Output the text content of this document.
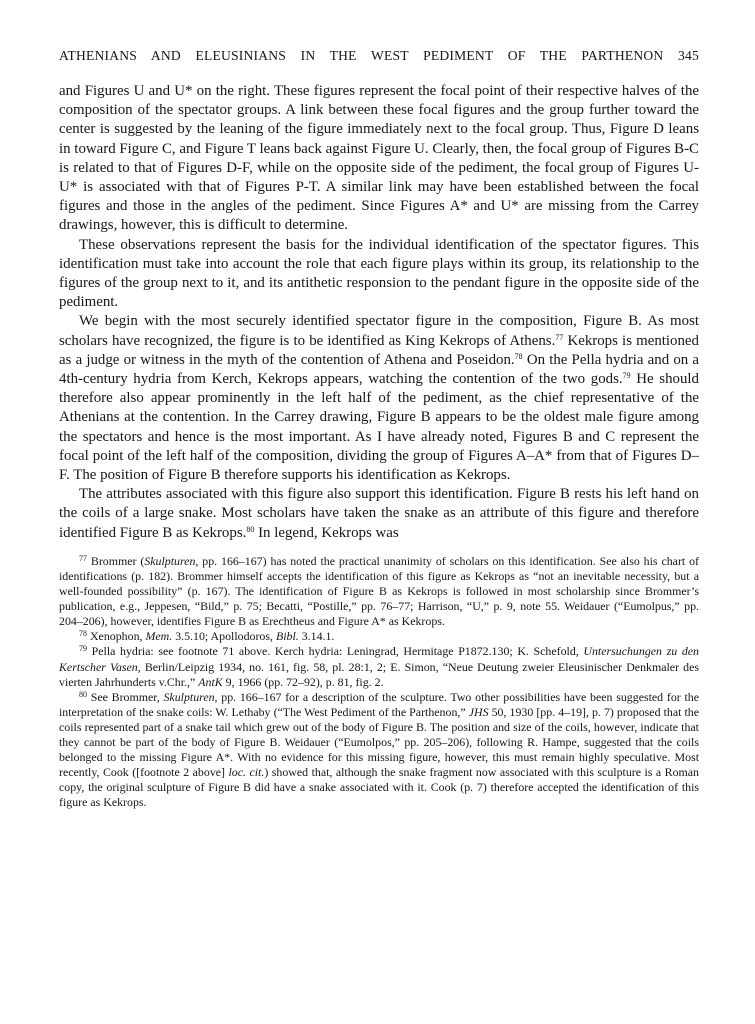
ATHENIANS AND ELEUSINIANS IN THE WEST PEDIMENT OF THE PARTHENON 345

and Figures U and U* on the right. These figures represent the focal point of their respective halves of the composition of the spectator groups. A link between these focal figures and the group further toward the center is suggested by the leaning of the figure immediately next to the focal group. Thus, Figure D leans in toward Figure C, and Figure T leans back against Figure U. Clearly, then, the focal group of Figures B-C is related to that of Figures D-F, while on the opposite side of the pediment, the focal group of Figures U-U* is associated with that of Figures P-T. A similar link may have been established between the focal figures and those in the angles of the pediment. Since Figures A* and U* are missing from the Carrey drawings, however, this is difficult to determine.

These observations represent the basis for the individual identification of the spectator figures. This identification must take into account the role that each figure plays within its group, its relationship to the figures of the group next to it, and its antithetic responsion to the pendant figure in the opposite side of the pediment.

We begin with the most securely identified spectator figure in the composition, Figure B. As most scholars have recognized, the figure is to be identified as King Kekrops of Athens.$^{77}$ Kekrops is mentioned as a judge or witness in the myth of the contention of Athena and Poseidon.$^{78}$ On the Pella hydria and on a 4th-century hydria from Kerch, Kekrops appears, watching the contention of the two gods.$^{79}$ He should therefore also appear prominently in the left half of the pediment, as the chief representative of the Athenians at the contention. In the Carrey drawing, Figure B appears to be the oldest male figure among the spectators and hence is the most important. As I have already noted, Figures B and C represent the focal point of the left half of the composition, dividing the group of Figures A–A* from that of Figures D–F. The position of Figure B therefore supports his identification as Kekrops.

The attributes associated with this figure also support this identification. Figure B rests his left hand on the coils of a large snake. Most scholars have taken the snake as an attribute of this figure and therefore identified Figure B as Kekrops.$^{80}$ In legend, Kekrops was

$^{77}$ Brommer (Skulpturen, pp. 166–167) has noted the practical unanimity of scholars on this identification. See also his chart of identifications (p. 182). Brommer himself accepts the identification of this figure as Kekrops as “not an inevitable necessity, but a well-founded possibility” (p. 167). The identification of Figure B as Kekrops is followed in most scholarship since Brommer’s publication, e.g., Jeppesen, “Bild,” p. 75; Becatti, “Postille,” pp. 76–77; Harrison, “U,” p. 9, note 55. Weidauer (“Eumolpus,” pp. 204–206), however, identifies Figure B as Erechtheus and Figure A* as Kekrops.

$^{78}$ Xenophon, Mem. 3.5.10; Apollodoros, Bibl. 3.14.1.

$^{79}$ Pella hydria: see footnote 71 above. Kerch hydria: Leningrad, Hermitage P1872.130; K. Schefold, Untersuchungen zu den Kertscher Vasen, Berlin/Leipzig 1934, no. 161, fig. 58, pl. 28:1, 2; E. Simon, “Neue Deutung zweier Eleusinischer Denkmaler des vierten Jahrhunderts v.Chr.,” AntK 9, 1966 (pp. 72–92), p. 81, fig. 2.

$^{80}$ See Brommer, Skulpturen, pp. 166–167 for a description of the sculpture. Two other possibilities have been suggested for the interpretation of the snake coils: W. Lethaby (“The West Pediment of the Parthenon,” JHS 50, 1930 [pp. 4–19], p. 7) proposed that the coils represented part of a snake tail which grew out of the body of Figure B. The position and size of the coils, however, indicate that they cannot be part of the body of Figure B. Weidauer (“Eumolpos,” pp. 205–206), following R. Hampe, suggested that the coils belonged to the missing Figure A*. With no evidence for this missing figure, however, this must remain highly speculative. Most recently, Cook ([footnote 2 above] loc. cit.) showed that, although the snake fragment now associated with this sculpture is a Roman copy, the original sculpture of Figure B did have a snake associated with it. Cook (p. 7) therefore accepted the identification of this figure as Kekrops.
